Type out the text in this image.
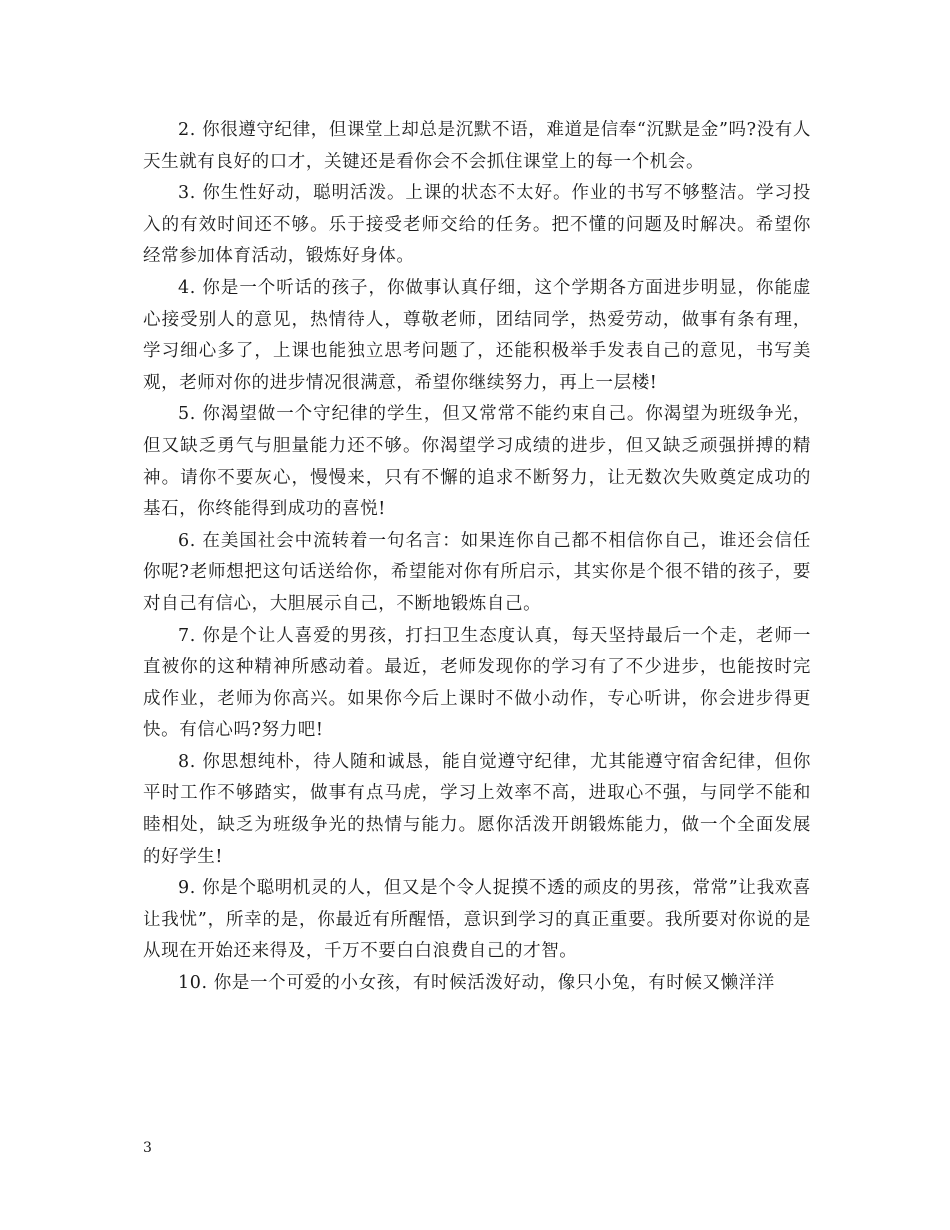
2. 你很遵守纪律，但课堂上却总是沉默不语，难道是信奉“沉默是金”吗?没有人天生就有良好的口才，关键还是看你会不会抓住课堂上的每一个机会。

3. 你生性好动，聪明活泼。上课的状态不太好。作业的书写不够整洁。学习投入的有效时间还不够。乐于接受老师交给的任务。把不懂的问题及时解决。希望你经常参加体育活动，锻炼好身体。

4. 你是一个听话的孩子，你做事认真仔细，这个学期各方面进步明显，你能虚心接受别人的意见，热情待人，尊敬老师，团结同学，热爱劳动，做事有条有理，学习细心多了，上课也能独立思考问题了，还能积极举手发表自己的意见，书写美观，老师对你的进步情况很满意，希望你继续努力，再上一层楼!

5. 你渴望做一个守纪律的学生，但又常常不能约束自己。你渴望为班级争光，但又缺乏勇气与胆量能力还不够。你渴望学习成绩的进步，但又缺乏顽强拼搏的精神。请你不要灰心，慢慢来，只有不懈的追求不断努力，让无数次失败奠定成功的基石，你终能得到成功的喜悦!

6. 在美国社会中流转着一句名言：如果连你自己都不相信你自己，谁还会信任你呢?老师想把这句话送给你，希望能对你有所启示，其实你是个很不错的孩子，要对自己有信心，大胆展示自己，不断地锻炼自己。

7. 你是个让人喜爱的男孩，打扫卫生态度认真，每天坚持最后一个走，老师一直被你的这种精神所感动着。最近，老师发现你的学习有了不少进步，也能按时完成作业，老师为你高兴。如果你今后上课时不做小动作，专心听讲，你会进步得更快。有信心吗?努力吧!

8. 你思想纯朴，待人随和诚恳，能自觉遵守纪律，尤其能遵守宿舍纪律，但你平时工作不够踏实，做事有点马虎，学习上效率不高，进取心不强，与同学不能和睦相处，缺乏为班级争光的热情与能力。愿你活泼开朗锻炼能力，做一个全面发展的好学生!

9. 你是个聪明机灵的人，但又是个令人捉摸不透的顽皮的男孩，常常”让我欢喜让我忧”，所幸的是，你最近有所醒悟，意识到学习的真正重要。我所要对你说的是从现在开始还来得及，千万不要白白浪费自己的才智。

10. 你是一个可爱的小女孩，有时候活泼好动，像只小兔，有时候又懒洋洋

3
